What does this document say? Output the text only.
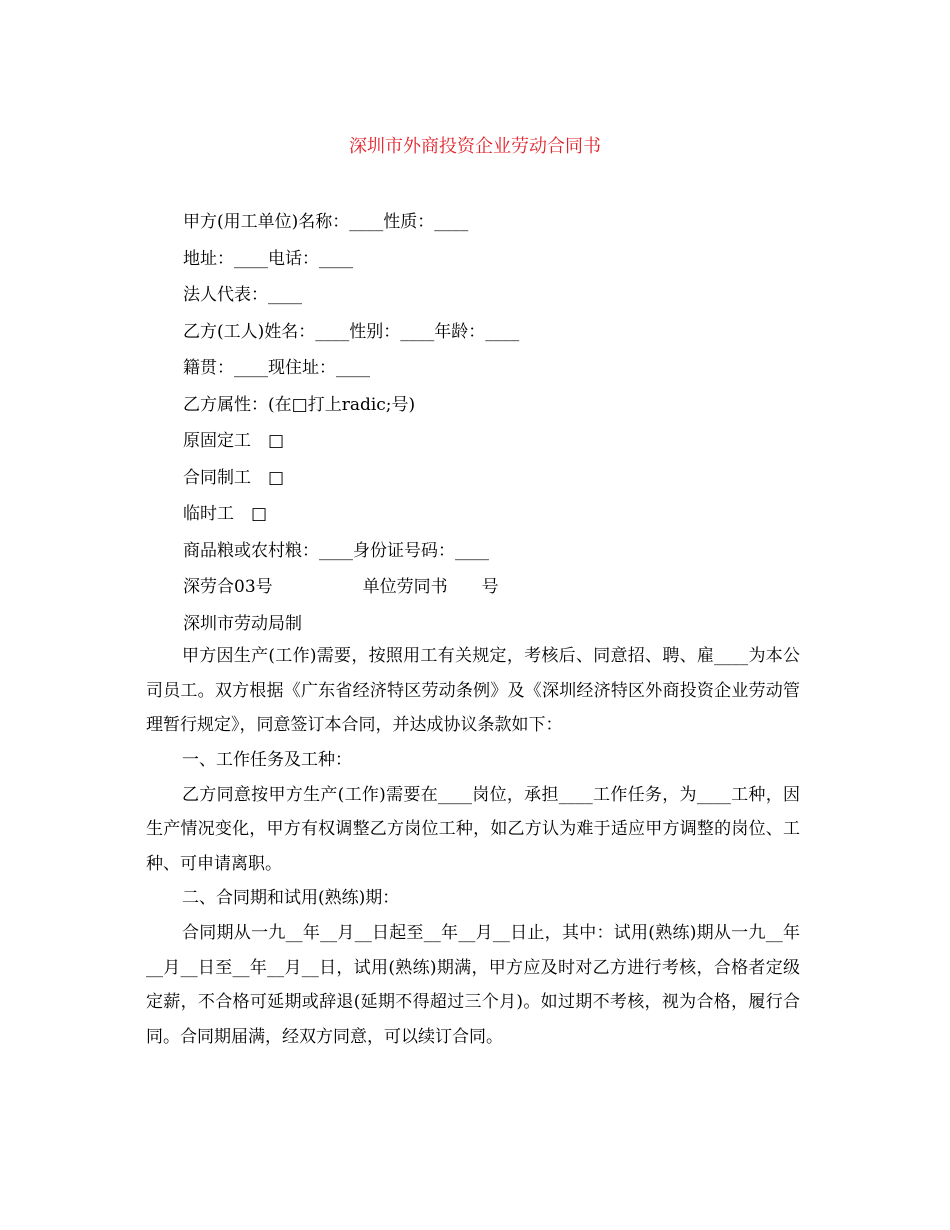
深圳市外商投资企业劳动合同书
甲方(用工单位)名称：____性质：____
地址：____电话：____
法人代表：____
乙方(工人)姓名：____性别：____年龄：____
籍贯：____现住址：____
乙方属性：(在□打上radic;号)
原固定工　□
合同制工　□
临时工　□
商品粮或农村粮：____身份证号码：____
深劳合03号	单位劳同书 号
深圳市劳动局制

甲方因生产(工作)需要，按照用工有关规定，考核后、同意招、聘、雇____为本公司员工。双方根据《广东省经济特区劳动条例》及《深圳经济特区外商投资企业劳动管理暂行规定》，同意签订本合同，并达成协议条款如下：

一、工作任务及工种：

乙方同意按甲方生产(工作)需要在____岗位，承担____工作任务，为____工种，因生产情况变化，甲方有权调整乙方岗位工种，如乙方认为难于适应甲方调整的岗位、工种、可申请离职。

二、合同期和试用(熟练)期：

合同期从一九__年__月__日起至__年__月__日止，其中：试用(熟练)期从一九__年__月__日至__年__月__日，试用(熟练)期满，甲方应及时对乙方进行考核，合格者定级定薪，不合格可延期或辞退(延期不得超过三个月)。如过期不考核，视为合格，履行合同。合同期届满，经双方同意，可以续订合同。
